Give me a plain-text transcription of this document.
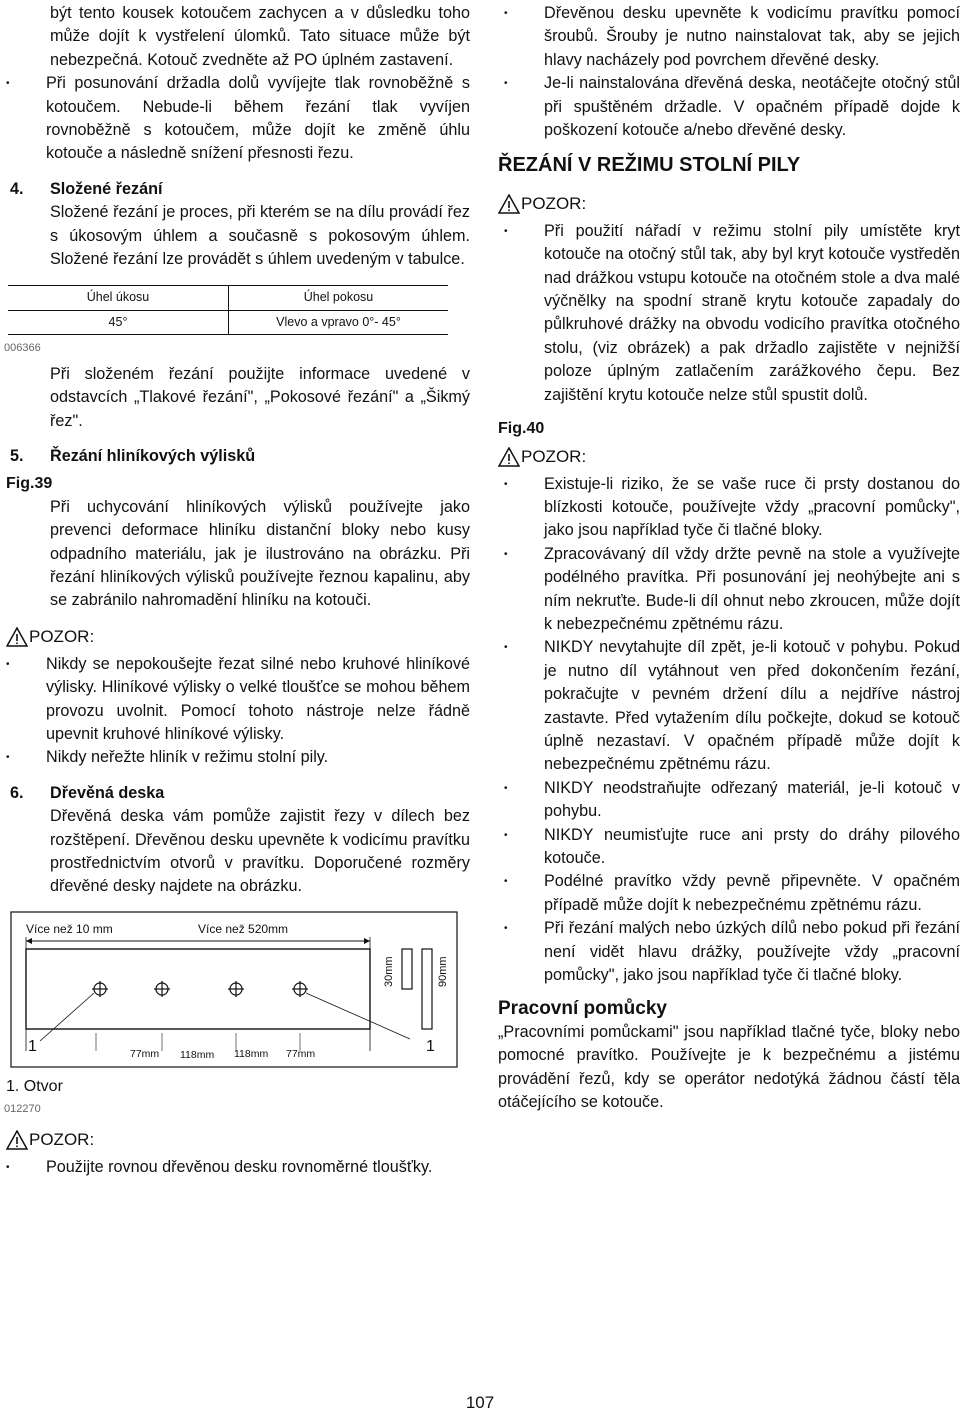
být tento kousek kotoučem zachycen a v důsledku toho může dojít k vystřelení úlomků. Tato situace může být nebezpečná. Kotouč zvedněte až PO úplném zastavení.

• Při posunování držadla dolů vyvíjejte tlak rovnoběžně s kotoučem. Nebude-li během řezání tlak vyvíjen rovnoběžně s kotoučem, může dojít ke změně úhlu kotouče a následně snížení přesnosti řezu.

4. Složené řezání

Složené řezání je proces, při kterém se na dílu provádí řez s úkosovým úhlem a současně s pokosovým úhlem. Složené řezání lze provádět s úhlem uvedeným v tabulce.

Úhel úkosu	Úhel pokosu
45°	Vlevo a vpravo 0°- 45°
006366

Při složeném řezání použijte informace uvedené v odstavcích „Tlakové řezání", „Pokosové řezání" a „Šikmý řez".

5. Řezání hliníkových výlisků
Fig.39

Při uchycování hliníkových výlisků používejte jako prevenci deformace hliníku distanční bloky nebo kusy odpadního materiálu, jak je ilustrováno na obrázku. Při řezání hliníkových výlisků používejte řeznou kapalinu, aby se zabránilo nahromadění hliníku na kotouči.

POZOR:

• Nikdy se nepokoušejte řezat silné nebo kruhové hliníkové výlisky. Hliníkové výlisky o velké tloušťce se mohou během provozu uvolnit. Pomocí tohoto nástroje nelze řádně upevnit kruhové hliníkové výlisky.

• Nikdy neřežte hliník v režimu stolní pily.

6. Dřevěná deska

Dřevěná deska vám pomůže zajistit řezy v dílech bez rozštěpení. Dřevěnou desku upevněte k vodicímu pravítku prostřednictvím otvorů v pravítku. Doporučené rozměry dřevěné desky najdete na obrázku.

Více než 10 mm	Více než 520mm
1	1
77mm 118mm 118mm 77mm
30mm	90mm
1. Otvor
012270
POZOR:

• Použijte rovnou dřevěnou desku rovnoměrné tloušťky.

• Dřevěnou desku upevněte k vodicímu pravítku pomocí šroubů. Šrouby je nutno nainstalovat tak, aby se jejich hlavy nacházely pod povrchem dřevěné desky.

• Je-li nainstalována dřevěná deska, neotáčejte otočný stůl při spuštěném držadle. V opačném případě dojde k poškození kotouče a/nebo dřevěné desky.

ŘEZÁNÍ V REŽIMU STOLNÍ PILY
POZOR:

• Při použití nářadí v režimu stolní pily umístěte kryt kotouče na otočný stůl tak, aby byl kryt kotouče vystředěn nad drážkou vstupu kotouče na otočném stole a dva malé výčnělky na spodní straně krytu kotouče zapadaly do půlkruhové drážky na obvodu vodicího pravítka otočného stolu, (viz obrázek) a pak držadlo zajistěte v nejnižší poloze úplným zatlačením zarážkového čepu. Bez zajištění krytu kotouče nelze stůl spustit dolů.

Fig.40
POZOR:

• Existuje-li riziko, že se vaše ruce či prsty dostanou do blízkosti kotouče, používejte vždy „pracovní pomůcky", jako jsou například tyče či tlačné bloky.

• Zpracovávaný díl vždy držte pevně na stole a využívejte podélného pravítka. Při posunování jej neohýbejte ani s ním nekruťte. Bude-li díl ohnut nebo zkroucen, může dojít k nebezpečnému zpětnému rázu.

• NIKDY nevytahujte díl zpět, je-li kotouč v pohybu. Pokud je nutno díl vytáhnout ven před dokončením řezání, pokračujte v pevném držení dílu a nejdříve nástroj zastavte. Před vytažením dílu počkejte, dokud se kotouč úplně nezastaví. V opačném případě může dojít k nebezpečnému zpětnému rázu.

• NIKDY neodstraňujte odřezaný materiál, je-li kotouč v pohybu.

• NIKDY neumisťujte ruce ani prsty do dráhy pilového kotouče.

• Podélné pravítko vždy pevně připevněte. V opačném případě může dojít k nebezpečnému zpětnému rázu.

• Při řezání malých nebo úzkých dílů nebo pokud při řezání není vidět hlavu drážky, používejte vždy „pracovní pomůcky", jako jsou například tyče či tlačné bloky.

Pracovní pomůcky

„Pracovními pomůckami" jsou například tlačné tyče, bloky nebo pomocné pravítko. Používejte je k bezpečnému a jistému provádění řezů, kdy se operátor nedotýká žádnou částí těla otáčejícího se kotouče.

107
